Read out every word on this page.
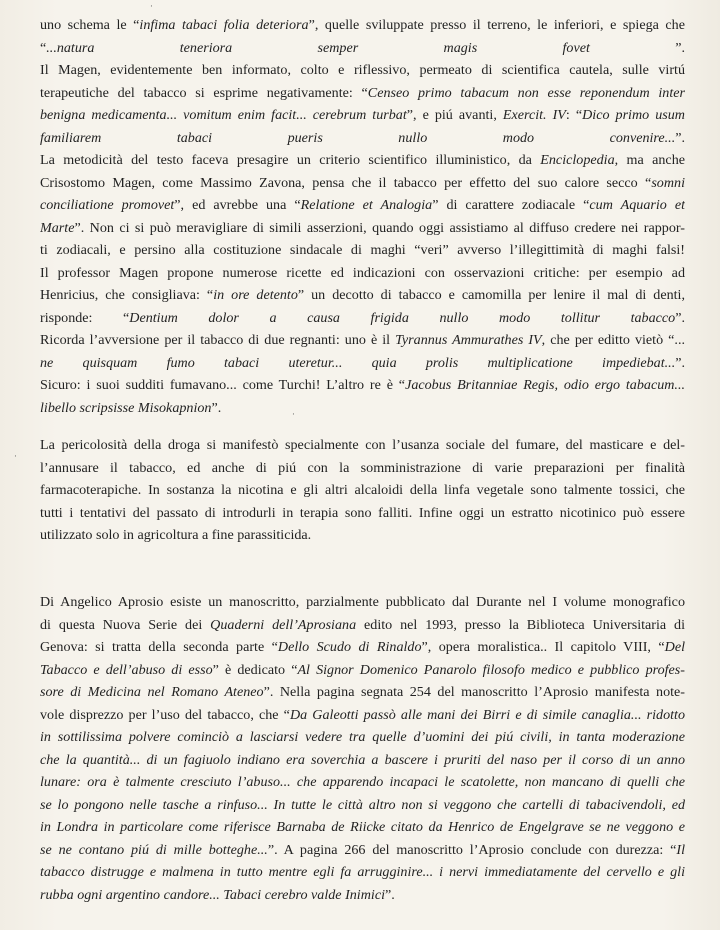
·
·
·
uno schema le “infima tabaci folia deteriora”, quelle sviluppate presso il terreno, le inferiori, e spiega che
“...natura teneriora semper magis fovet ”.
Il Magen, evidentemente ben informato, colto e riflessivo, permeato di scientifica cautela, sulle virtú
terapeutiche del tabacco si esprime negativamente: “Censeo primo tabacum non esse reponendum inter
benigna medicamenta... vomitum enim facit... cerebrum turbat”, e piú avanti, Exercit. IV: “Dico primo usum
familiarem tabaci pueris nullo modo convenire...”.
La metodicità del testo faceva presagire un criterio scientifico illuministico, da Enciclopedia, ma anche
Crisostomo Magen, come Massimo Zavona, pensa che il tabacco per effetto del suo calore secco “somni
conciliatione promovet”, ed avrebbe una “Relatione et Analogia” di carattere zodiacale “cum Aquario et
Marte”. Non ci si può meravigliare di simili asserzioni, quando oggi assistiamo al diffuso credere nei rappor-
ti zodiacali, e persino alla costituzione sindacale di maghi “veri” avverso l’illegittimità di maghi falsi!
Il professor Magen propone numerose ricette ed indicazioni con osservazioni critiche: per esempio ad
Henricius, che consigliava: “in ore detento” un decotto di tabacco e camomilla per lenire il mal di denti,
risponde: “Dentium dolor a causa frigida nullo modo tollitur tabacco”.
Ricorda l’avversione per il tabacco di due regnanti: uno è il Tyrannus Ammurathes IV, che per editto vietò “...
ne quisquam fumo tabaci uteretur... quia prolis multiplicatione impediebat...”.
Sicuro: i suoi sudditi fumavano... come Turchi! L’altro re è “Jacobus Britanniae Regis, odio ergo tabacum...
libello scripsisse Misokapnion”.
La pericolosità della droga si manifestò specialmente con l’usanza sociale del fumare, del masticare e del-
l’annusare il tabacco, ed anche di piú con la somministrazione di varie preparazioni per finalità
farmacoterapiche. In sostanza la nicotina e gli altri alcaloidi della linfa vegetale sono talmente tossici, che
tutti i tentativi del passato di introdurli in terapia sono falliti. Infine oggi un estratto nicotinico può essere
utilizzato solo in agricoltura a fine parassiticida.
Di Angelico Aprosio esiste un manoscritto, parzialmente pubblicato dal Durante nel I volume monografico
di questa Nuova Serie dei Quaderni dell’Aprosiana edito nel 1993, presso la Biblioteca Universitaria di
Genova: si tratta della seconda parte “Dello Scudo di Rinaldo”, opera moralistica.. Il capitolo VIII, “Del
Tabacco e dell’abuso di esso” è dedicato “Al Signor Domenico Panarolo filosofo medico e pubblico profes-
sore di Medicina nel Romano Ateneo”. Nella pagina segnata 254 del manoscritto l’Aprosio manifesta note-
vole disprezzo per l’uso del tabacco, che “Da Galeotti passò alle mani dei Birri e di simile canaglia... ridotto
in sottilissima polvere cominciò a lasciarsi vedere tra quelle d’uomini dei piú civili, in tanta moderazione
che la quantità... di un fagiuolo indiano era soverchia a bascere i pruriti del naso per il corso di un anno
lunare: ora è talmente cresciuto l’abuso... che apparendo incapaci le scatolette, non mancano di quelli che
se lo pongono nelle tasche a rinfuso... In tutte le città altro non si veggono che cartelli di tabacivendoli, ed
in Londra in particolare come riferisce Barnaba de Riicke citato da Henrico de Engelgrave se ne veggono e
se ne contano piú di mille botteghe...”. A pagina 266 del manoscritto l’Aprosio conclude con durezza: “Il
tabacco distrugge e malmena in tutto mentre egli fa arrugginire... i nervi immediatamente del cervello e gli
rubba ogni argentino candore... Tabaci cerebro valde Inimici”.
